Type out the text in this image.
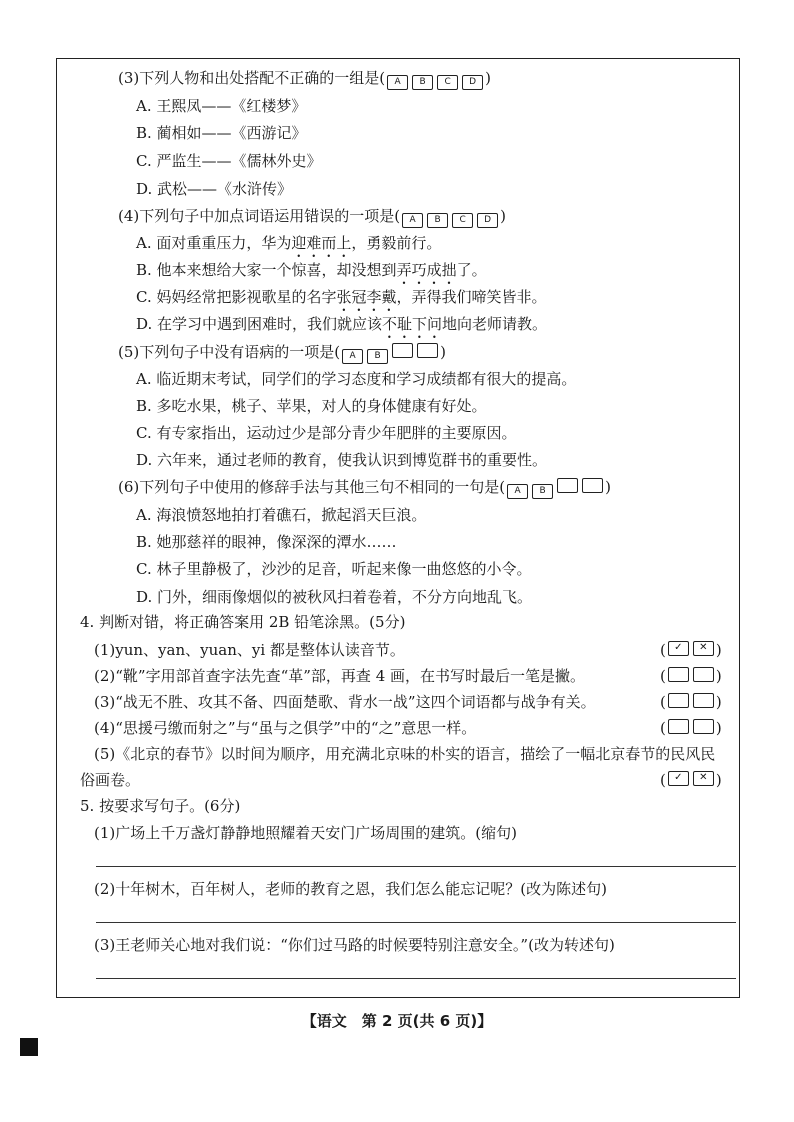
(3)下列人物和出处搭配不正确的一组是( A B C D )
A. 王熙凤——《红楼梦》
B. 蔺相如——《西游记》
C. 严监生——《儒林外史》
D. 武松——《水浒传》
(4)下列句子中加点词语运用错误的一项是( A B C D )
A. 面对重重压力，华为迎难而上，勇毅前行。
B. 他本来想给大家一个惊喜，却没想到弄巧成拙了。
C. 妈妈经常把影视歌星的名字张冠李戴，弄得我们啼笑皆非。
D. 在学习中遇到困难时，我们就应该不耻下问地向老师请教。
(5)下列句子中没有语病的一项是( A B	)
A. 临近期末考试，同学们的学习态度和学习成绩都有很大的提高。
B. 多吃水果，桃子、苹果，对人的身体健康有好处。
C. 有专家指出，运动过少是部分青少年肥胖的主要原因。
D. 六年来，通过老师的教育，使我认识到博览群书的重要性。
(6)下列句子中使用的修辞手法与其他三句不相同的一句是( A B	)
A. 海浪愤怒地拍打着礁石，掀起滔天巨浪。
B. 她那慈祥的眼神，像深深的潭水……
C. 林子里静极了，沙沙的足音，听起来像一曲悠悠的小令。
D. 门外，细雨像烟似的被秋风扫着卷着，不分方向地乱飞。
4. 判断对错，将正确答案用 2B 铅笔涂黑。(5分)
(1)yun、yan、yuan、yi 都是整体认读音节。	( ✓ ✕	)
(2)“靴”字用部首查字法先查“革”部，再查 4 画，在书写时最后一笔是撇。	(	)
(3)“战无不胜、攻其不备、四面楚歌、背水一战”这四个词语都与战争有关。	(	)
(4)“思援弓缴而射之”与“虽与之俱学”中的“之”意思一样。	(	)
(5)《北京的春节》以时间为顺序，用充满北京味的朴实的语言，描绘了一幅北京春节的民风民
俗画卷。	( ✓ ✕	)
5. 按要求写句子。(6分)
(1)广场上千万盏灯静静地照耀着天安门广场周围的建筑。(缩句)
(2)十年树木，百年树人，老师的教育之恩，我们怎么能忘记呢？(改为陈述句)
(3)王老师关心地对我们说：“你们过马路的时候要特别注意安全。”(改为转述句)
【语文　第 2 页(共 6 页)】
